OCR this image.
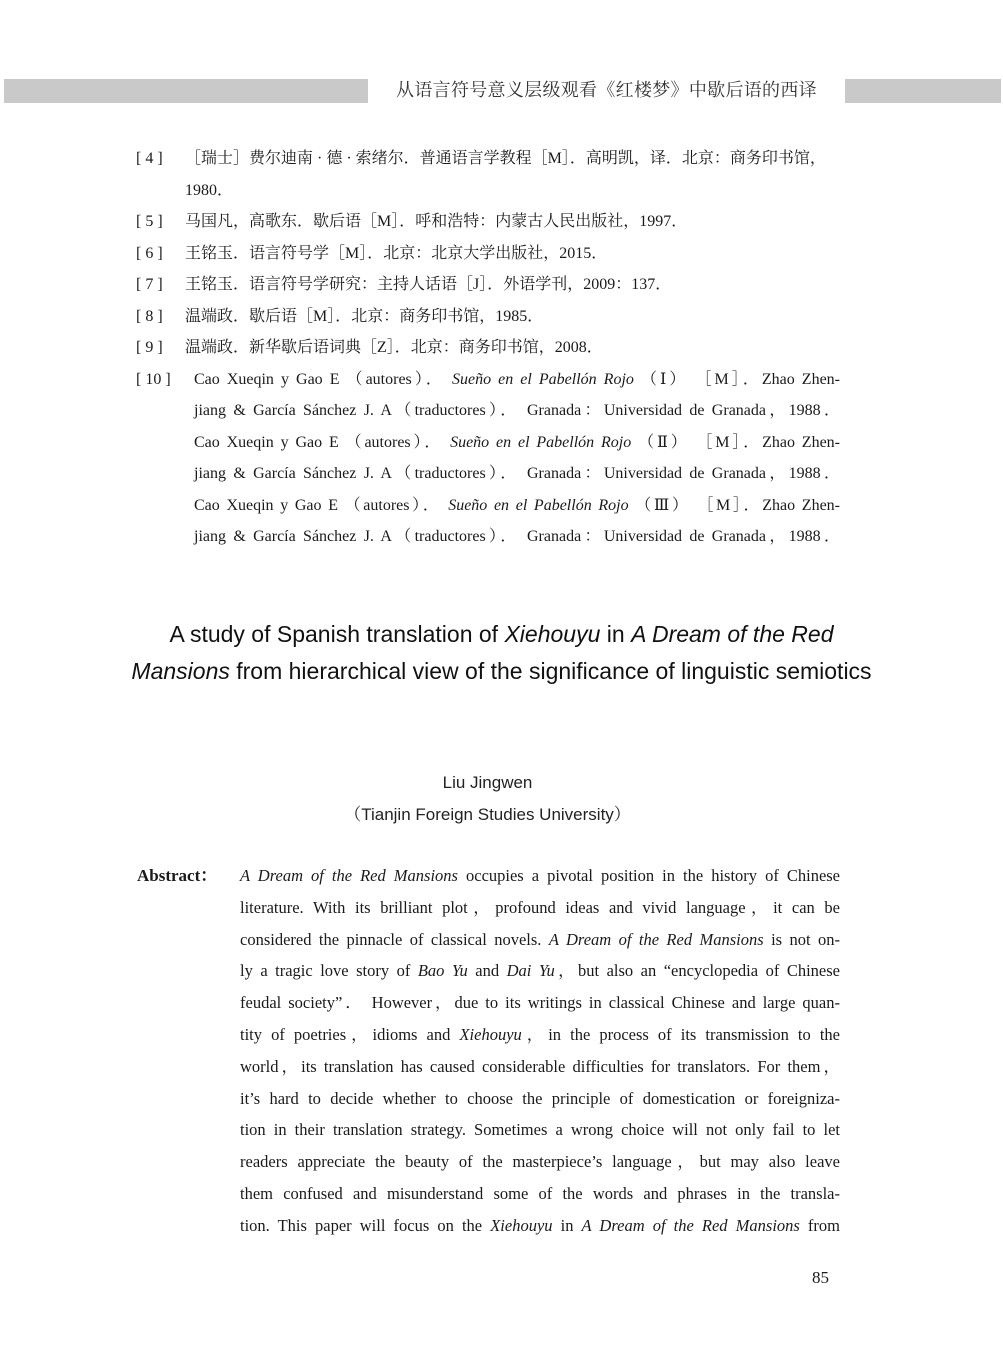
从语言符号意义层级观看《红楼梦》中歇后语的西译
[ 4 ] ［瑞士］费尔迪南 · 德 · 索绪尔．普通语言学教程［M］．高明凯，译．北京：商务印书馆，1980．
[ 5 ] 马国凡，高歌东．歇后语［M］．呼和浩特：内蒙古人民出版社，1997．
[ 6 ] 王铭玉．语言符号学［M］．北京：北京大学出版社，2015．
[ 7 ] 王铭玉．语言符号学研究：主持人话语［J］．外语学刊，2009：137．
[ 8 ] 温端政．歇后语［M］．北京：商务印书馆，1985．
[ 9 ] 温端政．新华歇后语词典［Z］．北京：商务印书馆，2008．
[ 10 ] Cao Xueqin y Gao E （autores）． Sueño en el Pabellón Rojo （Ⅰ） ［M］．Zhao Zhen-
jiang & García Sánchez J. A（traductores）． Granada：Universidad de Granada，1988．
Cao Xueqin y Gao E （autores）． Sueño en el Pabellón Rojo （Ⅱ） ［M］．Zhao Zhen-
jiang & García Sánchez J. A（traductores）． Granada：Universidad de Granada，1988．
Cao Xueqin y Gao E （autores）． Sueño en el Pabellón Rojo （Ⅲ） ［M］．Zhao Zhen-
jiang & García Sánchez J. A（traductores）． Granada：Universidad de Granada，1988．
A study of Spanish translation of Xiehouyu in A Dream of the Red Mansions from hierarchical view of the significance of linguistic semiotics
Liu Jingwen
（Tianjin Foreign Studies University）
Abstract： A Dream of the Red Mansions occupies a pivotal position in the history of Chinese
literature. With its brilliant plot，profound ideas and vivid language，it can be
considered the pinnacle of classical novels. A Dream of the Red Mansions is not on-
ly a tragic love story of Bao Yu and Dai Yu，but also an “encyclopedia of Chinese
feudal society”． However，due to its writings in classical Chinese and large quan-
tity of poetries，idioms and Xiehouyu，in the process of its transmission to the
world，its translation has caused considerable difficulties for translators. For them，
it’s hard to decide whether to choose the principle of domestication or foreigniza-
tion in their translation strategy. Sometimes a wrong choice will not only fail to let
readers appreciate the beauty of the masterpiece’s language，but may also leave
them confused and misunderstand some of the words and phrases in the transla-
tion. This paper will focus on the Xiehouyu in A Dream of the Red Mansions from
85
